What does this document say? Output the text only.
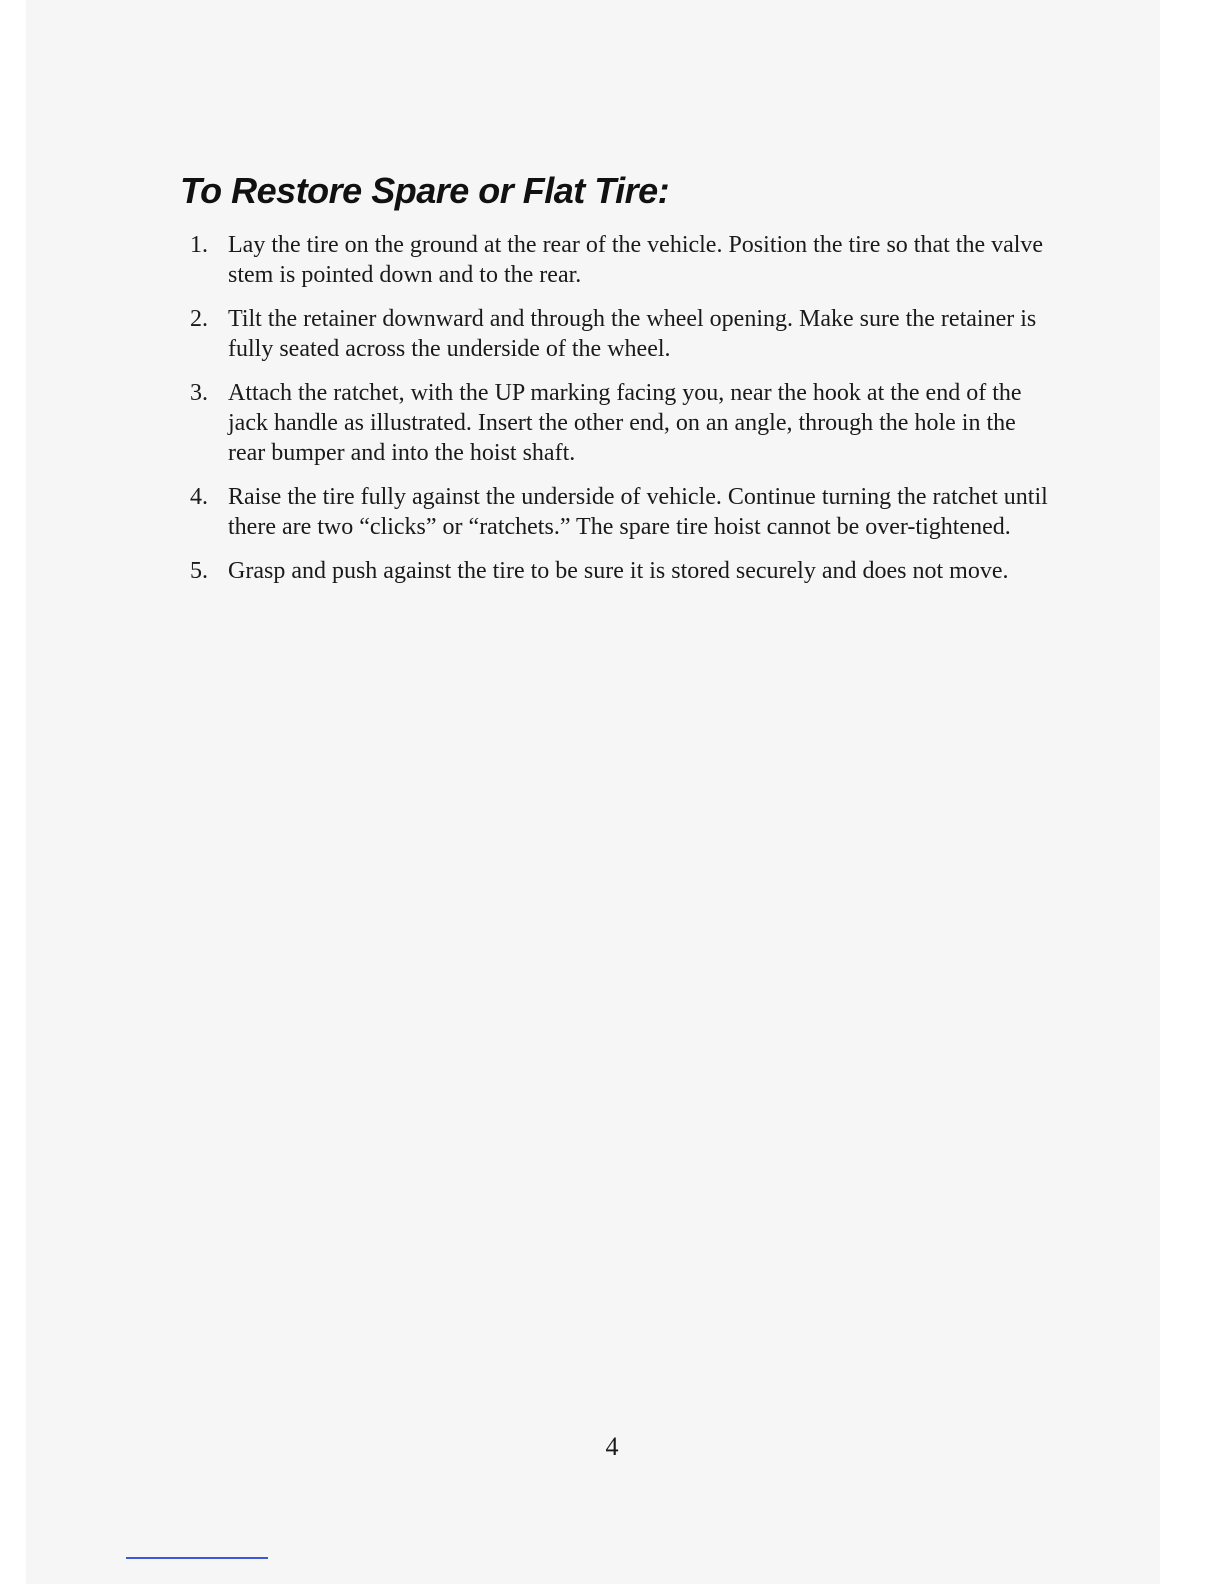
To Restore Spare or Flat Tire:
1. Lay the tire on the ground at the rear of the vehicle. Position the tire so that the valve stem is pointed down and to the rear.
2. Tilt the retainer downward and through the wheel opening. Make sure the retainer is fully seated across the underside of the wheel.
3. Attach the ratchet, with the UP marking facing you, near the hook at the end of the jack handle as illustrated. Insert the other end, on an angle, through the hole in the rear bumper and into the hoist shaft.
4. Raise the tire fully against the underside of vehicle. Continue turning the ratchet until there are two “clicks” or “ratchets.” The spare tire hoist cannot be over-tightened.
5. Grasp and push against the tire to be sure it is stored securely and does not move.
4
